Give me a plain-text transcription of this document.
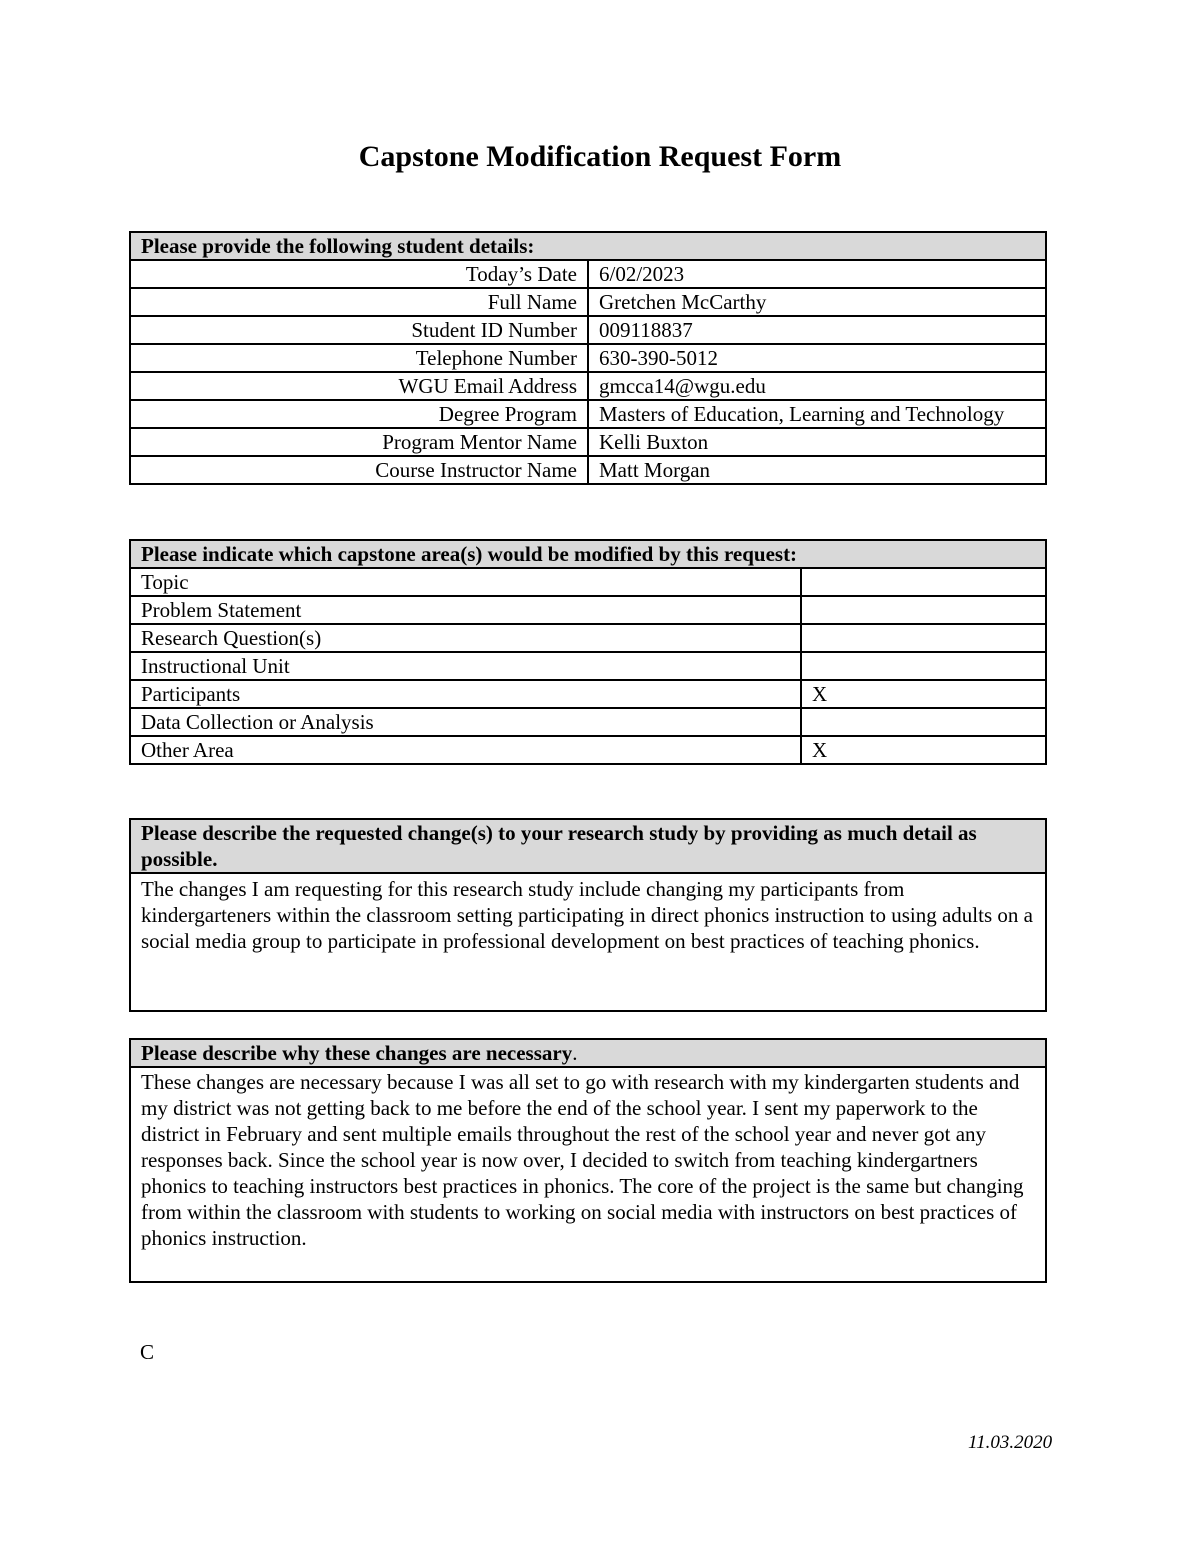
Capstone Modification Request Form
Please provide the following student details:	
Today’s Date	6/02/2023
Full Name	Gretchen McCarthy
Student ID Number	009118837
Telephone Number	630-390-5012
WGU Email Address	gmcca14@wgu.edu
Degree Program	Masters of Education, Learning and Technology
Program Mentor Name	Kelli Buxton
Course Instructor Name	Matt Morgan
Please indicate which capstone area(s) would be modified by this request:	
Topic	
Problem Statement	
Research Question(s)	
Instructional Unit	
Participants	X
Data Collection or Analysis	
Other Area	X
Please describe the requested change(s) to your research study by providing as much detail as possible.
The changes I am requesting for this research study include changing my participants from kindergarteners within the classroom setting participating in direct phonics instruction to using adults on a social media group to participate in professional development on best practices of teaching phonics.
Please describe why these changes are necessary.
These changes are necessary because I was all set to go with research with my kindergarten students and my district was not getting back to me before the end of the school year. I sent my paperwork to the district in February and sent multiple emails throughout the rest of the school year and never got any responses back. Since the school year is now over, I decided to switch from teaching kindergartners phonics to teaching instructors best practices in phonics. The core of the project is the same but changing from within the classroom with students to working on social media with instructors on best practices of phonics instruction.
C
11.03.2020
